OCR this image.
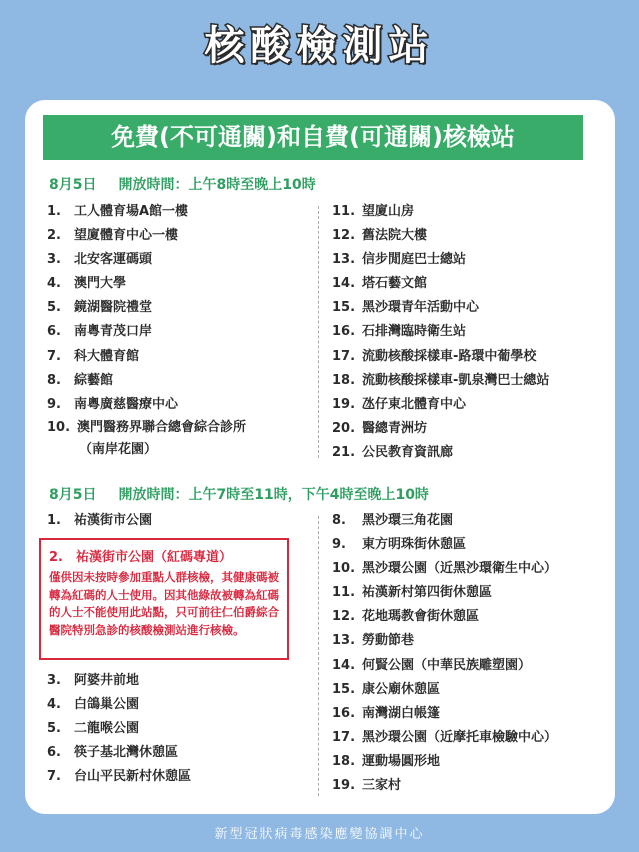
核酸檢測站
免費(不可通關)和自費(可通關)核檢站
8月5日 開放時間：上午8時至晚上10時
1. 工人體育場A館一樓
2. 望廈體育中心一樓
3. 北安客運碼頭
4. 澳門大學
5. 鏡湖醫院禮堂
6. 南粵青茂口岸
7. 科大體育館
8. 綜藝館
9. 南粵廣慈醫療中心
10. 澳門醫務界聯合總會綜合診所
（南岸花園）
11. 望廈山房
12. 舊法院大樓
13. 信步閒庭巴士總站
14. 塔石藝文館
15. 黑沙環青年活動中心
16. 石排灣臨時衛生站
17. 流動核酸採樣車-路環中葡學校
18. 流動核酸採樣車-凱泉灣巴士總站
19. 氹仔東北體育中心
20. 醫總青洲坊
21. 公民教育資訊廊
8月5日 開放時間：上午7時至11時，下午4時至晚上10時
1. 祐漢街市公園
2. 祐漢街市公園（紅碼專道）
僅供因未按時參加重點人群核檢，其健康碼被轉為紅碼的人士使用。因其他綠故被轉為紅碼的人士不能使用此站點，只可前往仁伯爵綜合醫院特別急診的核酸檢測站進行核檢。
3. 阿婆井前地
4. 白鴿巢公園
5. 二龍喉公園
6. 筷子基北灣休憩區
7. 台山平民新村休憩區
8. 黑沙環三角花園
9. 東方明珠街休憩區
10. 黑沙環公園（近黑沙環衛生中心）
11. 祐漢新村第四街休憩區
12. 花地瑪教會街休憩區
13. 勞動節巷
14. 何賢公園（中華民族雕塑園）
15. 康公廟休憩區
16. 南灣湖白帳篷
17. 黑沙環公園（近摩托車檢驗中心）
18. 運動場圓形地
19. 三家村
新型冠狀病毒感染應變協調中心
